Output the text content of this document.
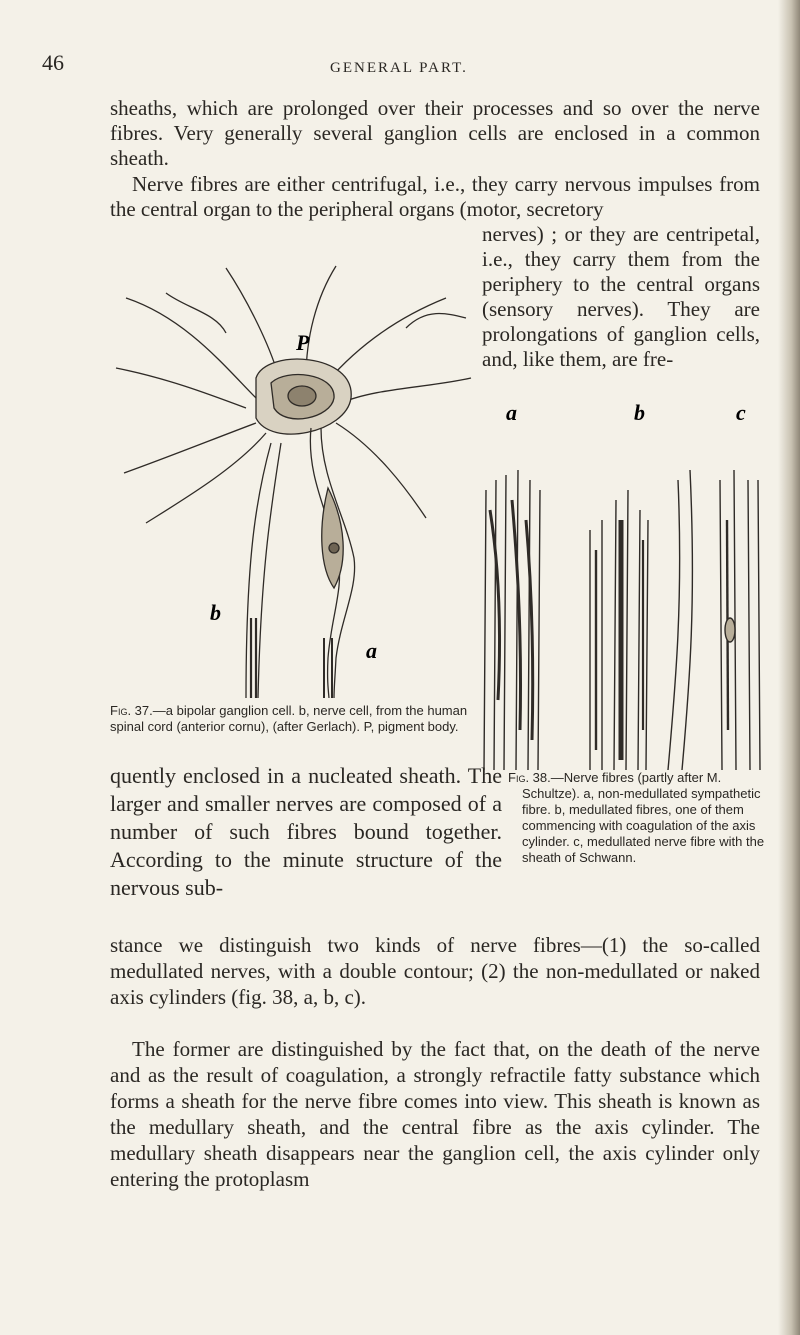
46	GENERAL PART.

sheaths, which are prolonged over their processes and so over the nerve fibres. Very generally several ganglion cells are enclosed in a common sheath.

Nerve fibres are either centrifugal, i.e., they carry nervous impulses from the central organ to the peripheral organs (motor, secretory

nerves) ; or they are centripetal, i.e., they carry them from the periphery to the central organs (sensory nerves). They are prolongations of ganglion cells, and, like them, are fre-

P
b
a

Fig. 37.—a bipolar ganglion cell. b, nerve cell, from the human spinal cord (anterior cornu), (after Gerlach). P, pigment body.

a	b	c

Fig. 38.—Nerve fibres (partly after M. Schultze). a, non-medullated sympathetic fibre. b, medullated fibres, one of them commencing with coagulation of the axis cylinder. c, medullated nerve fibre with the sheath of Schwann.

quently enclosed in a nucleated sheath. The larger and smaller nerves are composed of a number of such fibres bound together. According to the minute structure of the nervous sub-

stance we distinguish two kinds of nerve fibres—(1) the so-called medullated nerves, with a double contour; (2) the non-medullated or naked axis cylinders (fig. 38, a, b, c).

The former are distinguished by the fact that, on the death of the nerve and as the result of coagulation, a strongly refractile fatty substance which forms a sheath for the nerve fibre comes into view. This sheath is known as the medullary sheath, and the central fibre as the axis cylinder. The medullary sheath disappears near the ganglion cell, the axis cylinder only entering the protoplasm
